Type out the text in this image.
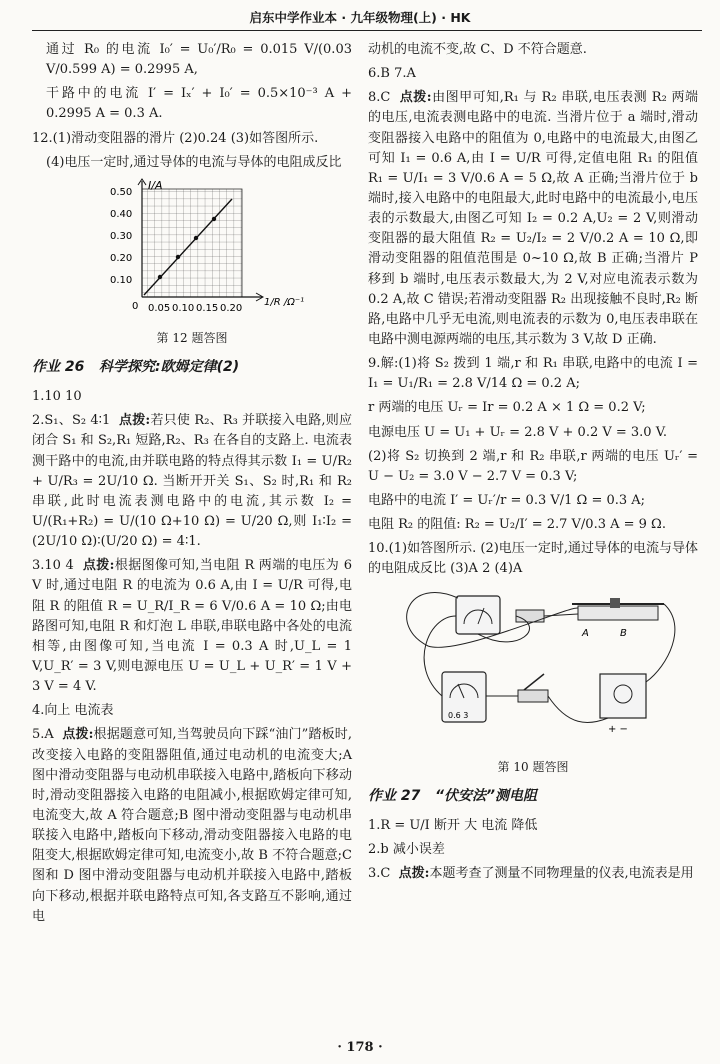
启东中学作业本 · 九年级物理(上) · HK

通过 R₀ 的电流 I₀′ = U₀′/R₀ = 0.015 V/(0.03 V/0.599 A) = 0.2995 A,

干路中的电流 I′ = Iₓ′ + I₀′ = 0.5×10⁻³ A + 0.2995 A = 0.3 A.

12.(1)滑动变阻器的滑片 (2)0.24 (3)如答图所示.

(4)电压一定时,通过导体的电流与导体的电阻成反比

I/A
0.50
0.40
0.30
0.20
0.10
0 0.05 0.10 0.15 0.20
1/R /Ω⁻¹
第 12 题答图
作业 26 科学探究:欧姆定律(2)

1.10 10

2.S₁、S₂ 4∶1 点拨:若只使 R₂、R₃ 并联接入电路,则应闭合 S₁ 和 S₂,R₁ 短路,R₂、R₃ 在各自的支路上. 电流表测干路中的电流,由并联电路的特点得其示数 I₁ = U/R₂ + U/R₃ = 2U/10 Ω. 当断开开关 S₁、S₂ 时,R₁ 和 R₂ 串联,此时电流表测电路中的电流,其示数 I₂ = U/(R₁+R₂) = U/(10 Ω+10 Ω) = U/20 Ω,则 I₁∶I₂ = (2U/10 Ω)∶(U/20 Ω) = 4∶1.

3.10 4 点拨:根据图像可知,当电阻 R 两端的电压为 6 V 时,通过电阻 R 的电流为 0.6 A,由 I = U/R 可得,电阻 R 的阻值 R = U_R/I_R = 6 V/0.6 A = 10 Ω;由电路图可知,电阻 R 和灯泡 L 串联,串联电路中各处的电流相等,由图像可知,当电流 I = 0.3 A 时,U_L = 1 V,U_R′ = 3 V,则电源电压 U = U_L + U_R′ = 1 V + 3 V = 4 V.

4.向上 电流表

5.A 点拨:根据题意可知,当驾驶员向下踩“油门”踏板时,改变接入电路的变阻器阻值,通过电动机的电流变大;A 图中滑动变阻器与电动机串联接入电路中,踏板向下移动时,滑动变阻器接入电路的电阻减小,根据欧姆定律可知,电流变大,故 A 符合题意;B 图中滑动变阻器与电动机串联接入电路中,踏板向下移动,滑动变阻器接入电路的电阻变大,根据欧姆定律可知,电流变小,故 B 不符合题意;C 图和 D 图中滑动变阻器与电动机并联接入电路中,踏板向下移动,根据并联电路特点可知,各支路互不影响,通过电

动机的电流不变,故 C、D 不符合题意.

6.B 7.A

8.C 点拨:由图甲可知,R₁ 与 R₂ 串联,电压表测 R₂ 两端的电压,电流表测电路中的电流. 当滑片位于 a 端时,滑动变阻器接入电路中的阻值为 0,电路中的电流最大,由图乙可知 I₁ = 0.6 A,由 I = U/R 可得,定值电阻 R₁ 的阻值 R₁ = U/I₁ = 3 V/0.6 A = 5 Ω,故 A 正确;当滑片位于 b 端时,接入电路中的电阻最大,此时电路中的电流最小,电压表的示数最大,由图乙可知 I₂ = 0.2 A,U₂ = 2 V,则滑动变阻器的最大阻值 R₂ = U₂/I₂ = 2 V/0.2 A = 10 Ω,即滑动变阻器的阻值范围是 0~10 Ω,故 B 正确;当滑片 P 移到 b 端时,电压表示数最大,为 2 V,对应电流表示数为 0.2 A,故 C 错误;若滑动变阻器 R₂ 出现接触不良时,R₂ 断路,电路中几乎无电流,则电流表的示数为 0,电压表串联在电路中测电源两端的电压,其示数为 3 V,故 D 正确.

9.解:(1)将 S₂ 拨到 1 端,r 和 R₁ 串联,电路中的电流 I = I₁ = U₁/R₁ = 2.8 V/14 Ω = 0.2 A;

r 两端的电压 Uᵣ = Ir = 0.2 A × 1 Ω = 0.2 V;

电源电压 U = U₁ + Uᵣ = 2.8 V + 0.2 V = 3.0 V.

(2)将 S₂ 切换到 2 端,r 和 R₂ 串联,r 两端的电压 Uᵣ′ = U − U₂ = 3.0 V − 2.7 V = 0.3 V;

电路中的电流 I′ = Uᵣ′/r = 0.3 V/1 Ω = 0.3 A;

电阻 R₂ 的阻值: R₂ = U₂/I′ = 2.7 V/0.3 A = 9 Ω.

10.(1)如答图所示. (2)电压一定时,通过导体的电流与导体的电阻成反比 (3)A 2 (4)A

A	B
0.6 3
+ −
第 10 题答图
作业 27 “伏安法”测电阻

1.R = U/I 断开 大 电流 降低

2.b 减小误差

3.C 点拨:本题考查了测量不同物理量的仪表,电流表是用

· 178 ·
